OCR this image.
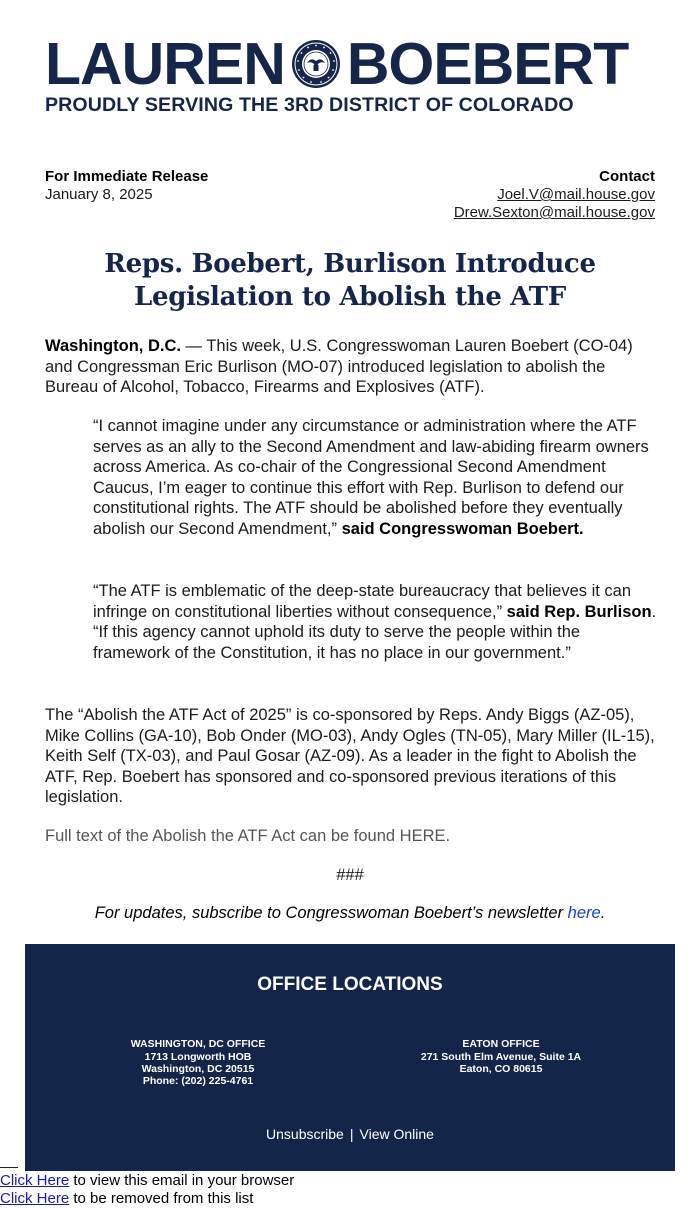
LAUREN BOEBERT
PROUDLY SERVING THE 3RD DISTRICT OF COLORADO
For Immediate Release
January 8, 2025
Contact
Joel.V@mail.house.gov
Drew.Sexton@mail.house.gov
Reps. Boebert, Burlison Introduce Legislation to Abolish the ATF

Washington, D.C. — This week, U.S. Congresswoman Lauren Boebert (CO-04) and Congressman Eric Burlison (MO-07) introduced legislation to abolish the Bureau of Alcohol, Tobacco, Firearms and Explosives (ATF).

“I cannot imagine under any circumstance or administration where the ATF serves as an ally to the Second Amendment and law-abiding firearm owners across America. As co-chair of the Congressional Second Amendment Caucus, I’m eager to continue this effort with Rep. Burlison to defend our constitutional rights. The ATF should be abolished before they eventually abolish our Second Amendment,” said Congresswoman Boebert.

“The ATF is emblematic of the deep-state bureaucracy that believes it can infringe on constitutional liberties without consequence,” said Rep. Burlison. “If this agency cannot uphold its duty to serve the people within the framework of the Constitution, it has no place in our government.”

The “Abolish the ATF Act of 2025” is co-sponsored by Reps. Andy Biggs (AZ-05), Mike Collins (GA-10), Bob Onder (MO-03), Andy Ogles (TN-05), Mary Miller (IL-15), Keith Self (TX-03), and Paul Gosar (AZ-09). As a leader in the fight to Abolish the ATF, Rep. Boebert has sponsored and co-sponsored previous iterations of this legislation.

Full text of the Abolish the ATF Act can be found HERE.

###

For updates, subscribe to Congresswoman Boebert’s newsletter here.

OFFICE LOCATIONS
WASHINGTON, DC OFFICE
1713 Longworth HOB
Washington, DC 20515
Phone: (202) 225-4761
EATON OFFICE
271 South Elm Avenue, Suite 1A
Eaton, CO 80615
Unsubscribe | View Online
Click Here to view this email in your browser
Click Here to be removed from this list
